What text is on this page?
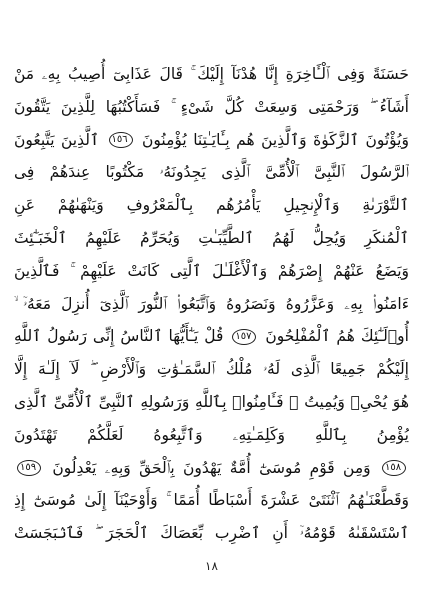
حَسَنَةً وَفِى ٱلْـَٔاخِرَةِ إِنَّا هُدْنَآ إِلَيْكَ ۚ قَالَ عَذَابِىٓ أُصِيبُ بِهِۦ مَنْ
أَشَآءُ ۖ وَرَحْمَتِى وَسِعَتْ كُلَّ شَىْءٍ ۚ فَسَأَكْتُبُهَا لِلَّذِينَ يَتَّقُونَ
وَيُؤْتُونَ ٱلزَّكَوٰةَ وَٱلَّذِينَ هُم بِـَٔايَـٰتِنَا يُؤْمِنُونَ ١٥٦ ٱلَّذِينَ يَتَّبِعُونَ
ٱلرَّسُولَ ٱلنَّبِىَّ ٱلْأُمِّىَّ ٱلَّذِى يَجِدُونَهُۥ مَكْتُوبًا عِندَهُمْ فِى
ٱلتَّوْرَىٰةِ وَٱلْإِنجِيلِ يَأْمُرُهُم بِٱلْمَعْرُوفِ وَيَنْهَىٰهُمْ عَنِ
ٱلْمُنكَرِ وَيُحِلُّ لَهُمُ ٱلطَّيِّبَـٰتِ وَيُحَرِّمُ عَلَيْهِمُ ٱلْخَبَـٰٓئِثَ
وَيَضَعُ عَنْهُمْ إِصْرَهُمْ وَٱلْأَغْلَـٰلَ ٱلَّتِى كَانَتْ عَلَيْهِمْ ۚ فَٱلَّذِينَ
ءَامَنُوا۟ بِهِۦ وَعَزَّرُوهُ وَنَصَرُوهُ وَٱتَّبَعُوا۟ ٱلنُّورَ ٱلَّذِىٓ أُنزِلَ مَعَهُۥٓ ۙ
أُو۟لَـٰٓئِكَ هُمُ ٱلْمُفْلِحُونَ ١٥٧ قُلْ يَـٰٓأَيُّهَا ٱلنَّاسُ إِنِّى رَسُولُ ٱللَّهِ
إِلَيْكُمْ جَمِيعًا ٱلَّذِى لَهُۥ مُلْكُ ٱلسَّمَـٰوَٰتِ وَٱلْأَرْضِ ۖ لَآ إِلَـٰهَ إِلَّا
هُوَ يُحْىِۦ وَيُمِيتُ ۖ فَـَٔامِنُوا۟ بِٱللَّهِ وَرَسُولِهِ ٱلنَّبِىِّ ٱلْأُمِّىِّ ٱلَّذِى
يُؤْمِنُ بِٱللَّهِ وَكَلِمَـٰتِهِۦ وَٱتَّبِعُوهُ لَعَلَّكُمْ تَهْتَدُونَ
١٥٨ وَمِن قَوْمِ مُوسَىٰٓ أُمَّةٌ يَهْدُونَ بِٱلْحَقِّ وَبِهِۦ يَعْدِلُونَ ١٥٩
وَقَطَّعْنَـٰهُمُ ٱثْنَتَىْ عَشْرَةَ أَسْبَاطًا أُمَمًا ۚ وَأَوْحَيْنَآ إِلَىٰ مُوسَىٰٓ إِذِ
ٱسْتَسْقَىٰهُ قَوْمُهُۥٓ أَنِ ٱضْرِب بِّعَصَاكَ ٱلْحَجَرَ ۖ فَٱنۢبَجَسَتْ
١٨
